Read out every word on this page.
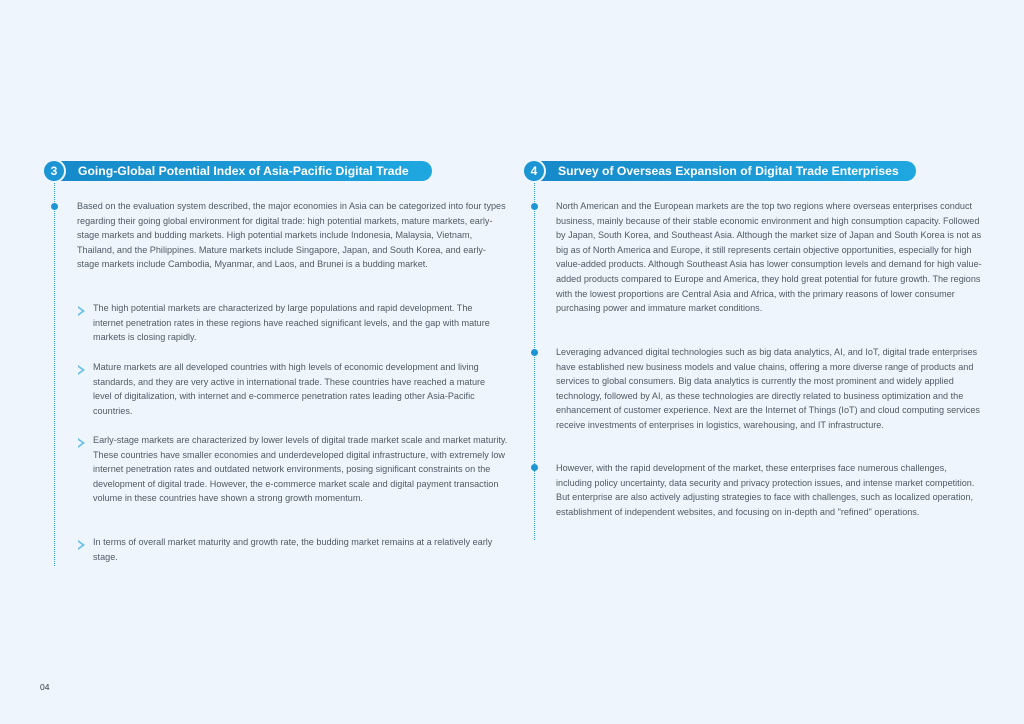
3	Going-Global Potential Index of Asia-Pacific Digital Trade	4	Survey of Overseas Expansion of Digital Trade Enterprises

Based on the evaluation system described, the major economies in Asia can be categorized into four types regarding their going global environment for digital trade: high potential markets, mature markets, early-stage markets and budding markets. High potential markets include Indonesia, Malaysia, Vietnam, Thailand, and the Philippines. Mature markets include Singapore, Japan, and South Korea, and early-stage markets include Cambodia, Myanmar, and Laos, and Brunei is a budding market.

The high potential markets are characterized by large populations and rapid development. The internet penetration rates in these regions have reached significant levels, and the gap with mature markets is closing rapidly.

Mature markets are all developed countries with high levels of economic development and living standards, and they are very active in international trade. These countries have reached a mature level of digitalization, with internet and e-commerce penetration rates leading other Asia-Pacific countries.

Early-stage markets are characterized by lower levels of digital trade market scale and market maturity. These countries have smaller economies and underdeveloped digital infrastructure, with extremely low internet penetration rates and outdated network environments, posing significant constraints on the development of digital trade. However, the e-commerce market scale and digital payment transaction volume in these countries have shown a strong growth momentum.

In terms of overall market maturity and growth rate, the budding market remains at a relatively early stage.

North American and the European markets are the top two regions where overseas enterprises conduct business, mainly because of their stable economic environment and high consumption capacity. Followed by Japan, South Korea, and Southeast Asia. Although the market size of Japan and South Korea is not as big as of North America and Europe, it still represents certain objective opportunities, especially for high value-added products. Although Southeast Asia has lower consumption levels and demand for high value-added products compared to Europe and America, they hold great potential for future growth. The regions with the lowest proportions are Central Asia and Africa, with the primary reasons of lower consumer purchasing power and immature market conditions.

Leveraging advanced digital technologies such as big data analytics, AI, and IoT, digital trade enterprises have established new business models and value chains, offering a more diverse range of products and services to global consumers. Big data analytics is currently the most prominent and widely applied technology, followed by AI, as these technologies are directly related to business optimization and the enhancement of customer experience. Next are the Internet of Things (IoT) and cloud computing services receive investments of enterprises in logistics, warehousing, and IT infrastructure.

However, with the rapid development of the market, these enterprises face numerous challenges, including policy uncertainty, data security and privacy protection issues, and intense market competition. But enterprise are also actively adjusting strategies to face with challenges, such as localized operation, establishment of independent websites, and focusing on in-depth and "refined" operations.

04
